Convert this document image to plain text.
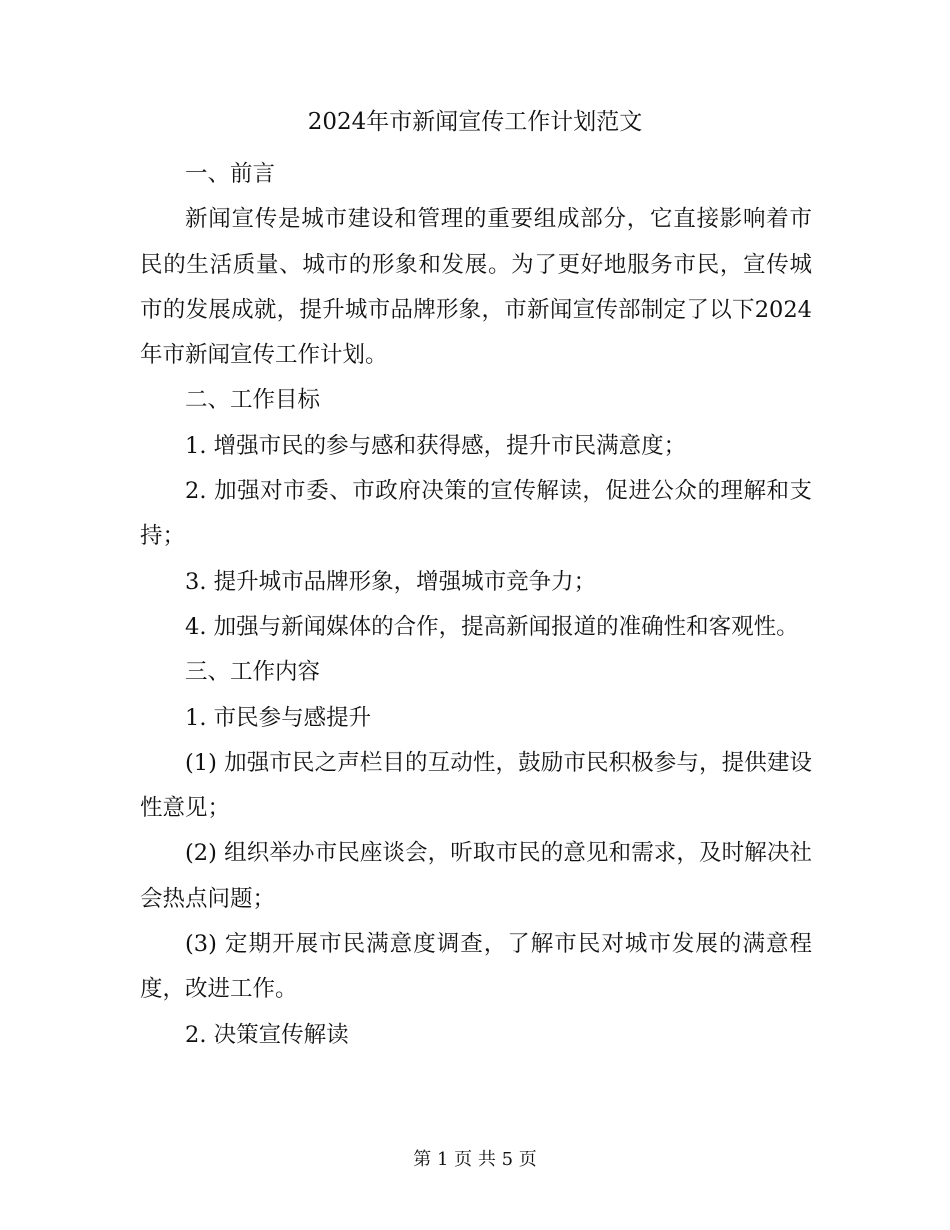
2024年市新闻宣传工作计划范文

一、前言

新闻宣传是城市建设和管理的重要组成部分，它直接影响着市民的生活质量、城市的形象和发展。为了更好地服务市民，宣传城市的发展成就，提升城市品牌形象，市新闻宣传部制定了以下2024年市新闻宣传工作计划。

二、工作目标

1. 增强市民的参与感和获得感，提升市民满意度；

2. 加强对市委、市政府决策的宣传解读，促进公众的理解和支持；

3. 提升城市品牌形象，增强城市竞争力；

4. 加强与新闻媒体的合作，提高新闻报道的准确性和客观性。

三、工作内容

1. 市民参与感提升

(1) 加强市民之声栏目的互动性，鼓励市民积极参与，提供建设性意见；

(2) 组织举办市民座谈会，听取市民的意见和需求，及时解决社会热点问题；

(3) 定期开展市民满意度调查，了解市民对城市发展的满意程度，改进工作。

2. 决策宣传解读

第 1 页 共 5 页
